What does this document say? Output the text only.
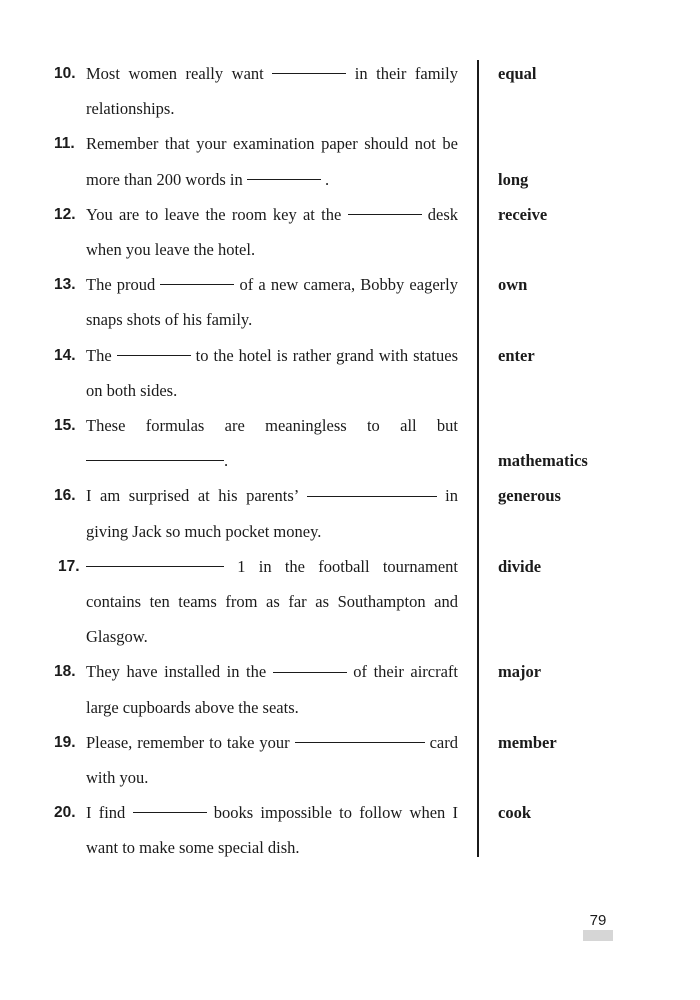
10. Most women really want	in their family relationships.
equal
11. Remember that your examination paper should not be more than 200 words in	.	long
12. You are to leave the room key at the	desk when you leave the hotel.
receive
13. The proud	of a new camera, Bobby eagerly snaps shots of his family.
own
14. The	to the hotel is rather grand with statues on both sides.
enter
15. These formulas are meaningless to all but .	mathematics
16. I am surprised at his parents’	in giving Jack so much pocket money.
generous
17.	1 in the football tournament contains ten teams from as far as Southampton and Glasgow.
divide
18. They have installed in the	of their aircraft large cupboards above the seats.
major
19. Please, remember to take your	card with you.
member
20. I find	books impossible to follow when I want to make some special dish.
cook
79
